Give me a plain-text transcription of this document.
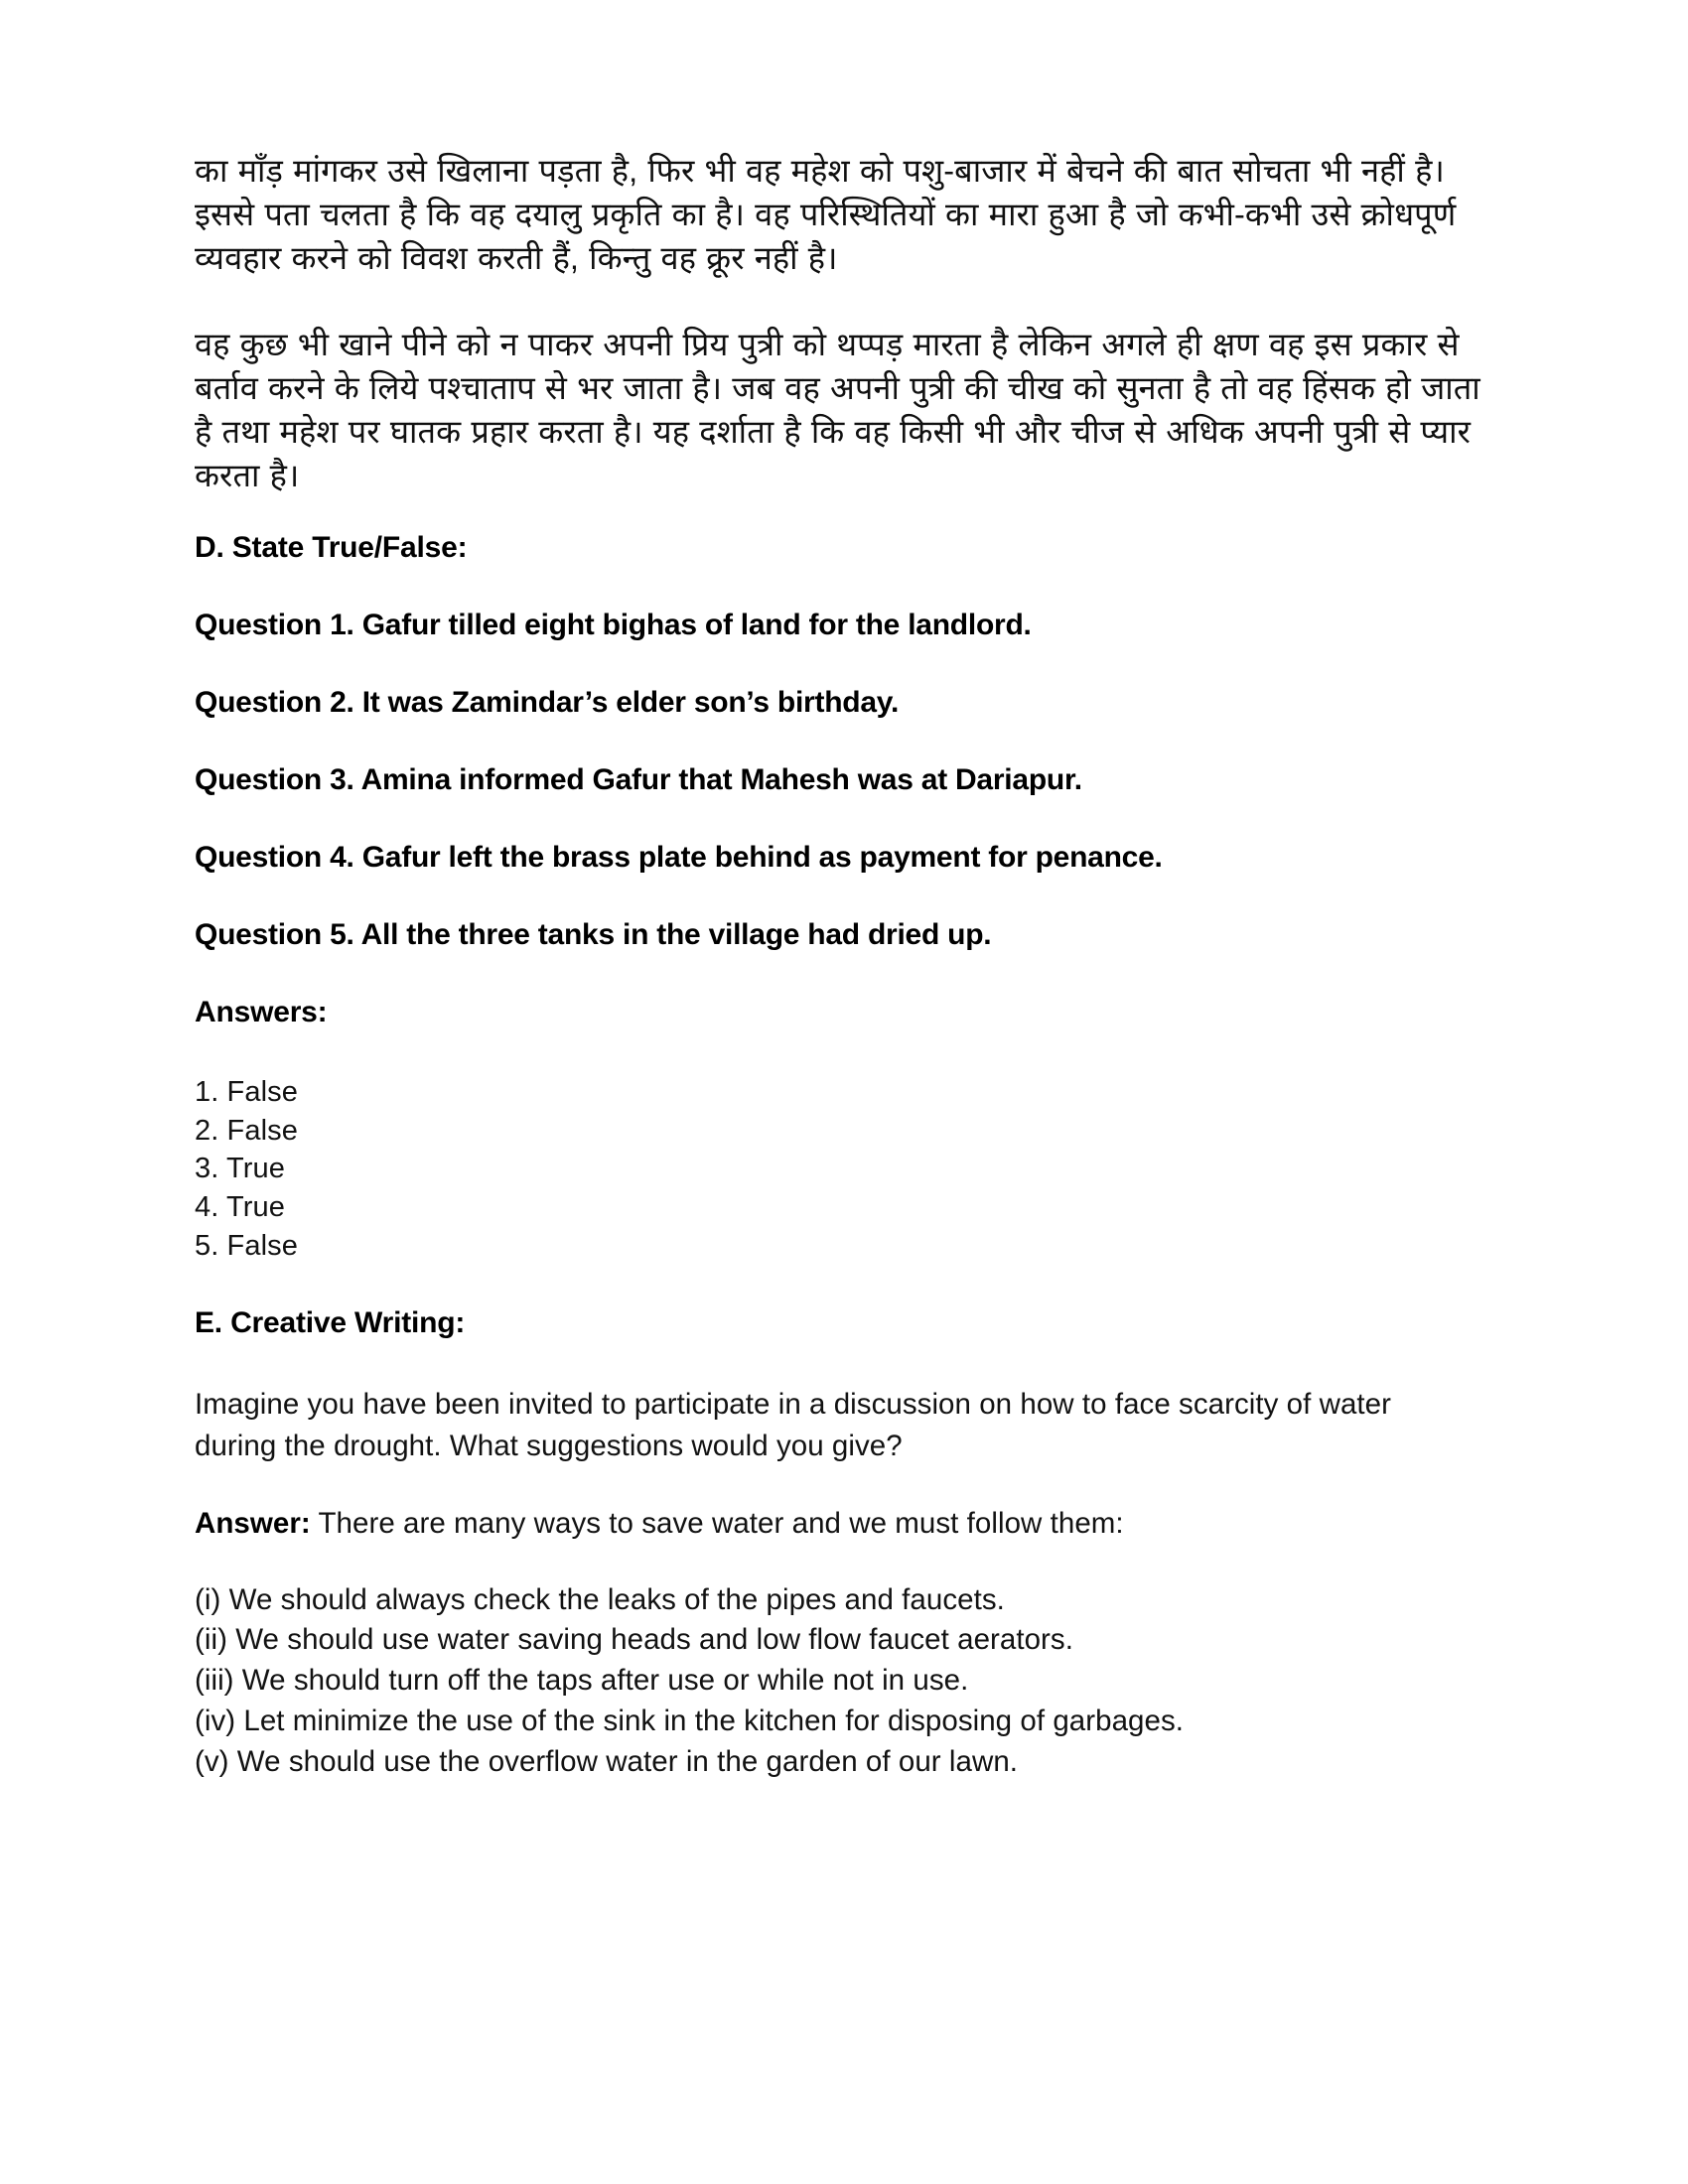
का माँड़ मांगकर उसे खिलाना पड़ता है, फिर भी वह महेश को पशु-बाजार में बेचने की बात सोचता भी नहीं है। इससे पता चलता है कि वह दयालु प्रकृति का है। वह परिस्थितियों का मारा हुआ है जो कभी-कभी उसे क्रोधपूर्ण व्यवहार करने को विवश करती हैं, किन्तु वह क्रूर नहीं है।

वह कुछ भी खाने पीने को न पाकर अपनी प्रिय पुत्री को थप्पड़ मारता है लेकिन अगले ही क्षण वह इस प्रकार से बर्ताव करने के लिये पश्चाताप से भर जाता है। जब वह अपनी पुत्री की चीख को सुनता है तो वह हिंसक हो जाता है तथा महेश पर घातक प्रहार करता है। यह दर्शाता है कि वह किसी भी और चीज से अधिक अपनी पुत्री से प्यार करता है।

D. State True/False:

Question 1. Gafur tilled eight bighas of land for the landlord.

Question 2. It was Zamindar’s elder son’s birthday.

Question 3. Amina informed Gafur that Mahesh was at Dariapur.

Question 4. Gafur left the brass plate behind as payment for penance.

Question 5. All the three tanks in the village had dried up.

Answers:
1. False
2. False
3. True
4. True
5. False
E. Creative Writing:

Imagine you have been invited to participate in a discussion on how to face scarcity of water during the drought. What suggestions would you give?

Answer: There are many ways to save water and we must follow them:

(i) We should always check the leaks of the pipes and faucets.
(ii) We should use water saving heads and low flow faucet aerators.
(iii) We should turn off the taps after use or while not in use.
(iv) Let minimize the use of the sink in the kitchen for disposing of garbages.
(v) We should use the overflow water in the garden of our lawn.
